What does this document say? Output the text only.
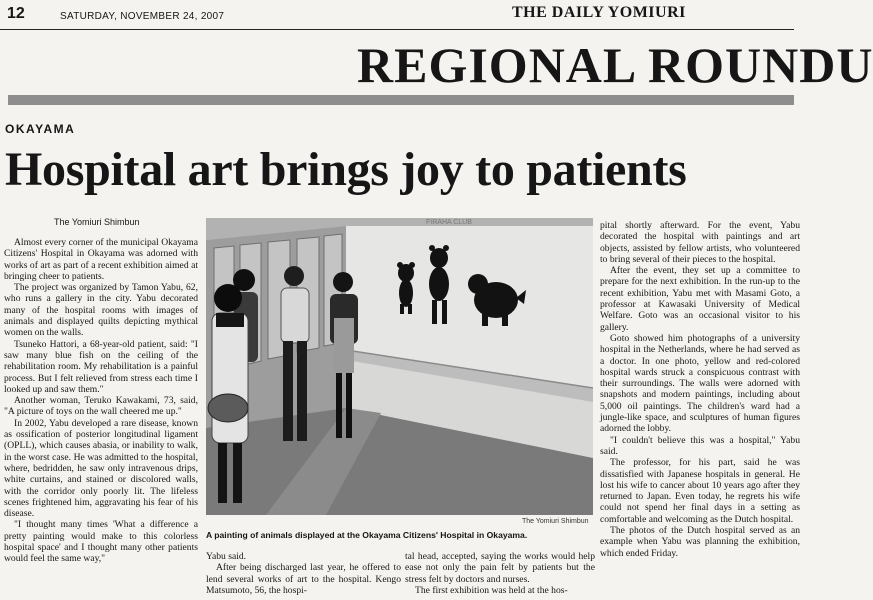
12	SATURDAY, NOVEMBER 24, 2007	THE DAILY YOMIURI
REGIONAL ROUNDU
OKAYAMA
Hospital art brings joy to patients
The Yomiuri Shimbun

Almost every corner of the municipal Okayama Citizens' Hospital in Okayama was adorned with works of art as part of a recent exhibition aimed at bringing cheer to patients.

The project was organized by Tamon Yabu, 62, who runs a gallery in the city. Yabu decorated many of the hospital rooms with images of animals and displayed quilts depicting mythical women on the walls.

Tsuneko Hattori, a 68-year-old patient, said: "I saw many blue fish on the ceiling of the rehabilitation room. My rehabilitation is a painful process. But I felt relieved from stress each time I looked up and saw them."

Another woman, Teruko Kawakami, 73, said, "A picture of toys on the wall cheered me up."

In 2002, Yabu developed a rare disease, known as ossification of posterior longitudinal ligament (OPLL), which causes abasia, or inability to walk, in the worst case. He was admitted to the hospital, where, bedridden, he saw only intravenous drips, white curtains, and stained or discolored walls, with the corridor only poorly lit. The lifeless scenes frightened him, aggravating his fear of his disease.

"I thought many times 'What a difference a pretty painting would make to this colorless hospital space' and I thought many other patients would feel the same way,"

FIRAHA CLUB
The Yomiuri Shimbun
A painting of animals displayed at the Okayama Citizens' Hospital in Okayama.

Yabu said.

After being discharged last year, he offered to lend several works of art to the hospital. Kengo Matsumoto, 56, the hospi-

tal head, accepted, saying the works would help ease not only the pain felt by patients but the stress felt by doctors and nurses.

The first exhibition was held at the hos-

pital shortly afterward. For the event, Yabu decorated the hospital with paintings and art objects, assisted by fellow artists, who volunteered to bring several of their pieces to the hospital.

After the event, they set up a committee to prepare for the next exhibition. In the run-up to the recent exhibition, Yabu met with Masami Goto, a professor at Kawasaki University of Medical Welfare. Goto was an occasional visitor to his gallery.

Goto showed him photographs of a university hospital in the Netherlands, where he had served as a doctor. In one photo, yellow and red-colored hospital wards struck a conspicuous contrast with their surroundings. The walls were adorned with snapshots and modern paintings, including about 5,000 oil paintings. The children's ward had a jungle-like space, and sculptures of human figures adorned the lobby.

"I couldn't believe this was a hospital," Yabu said.

The professor, for his part, said he was dissatisfied with Japanese hospitals in general. He lost his wife to cancer about 10 years ago after they returned to Japan. Even today, he regrets his wife could not spend her final days in a setting as comfortable and welcoming as the Dutch hospital.

The photos of the Dutch hospital served as an example when Yabu was planning the exhibition, which ended Friday.
